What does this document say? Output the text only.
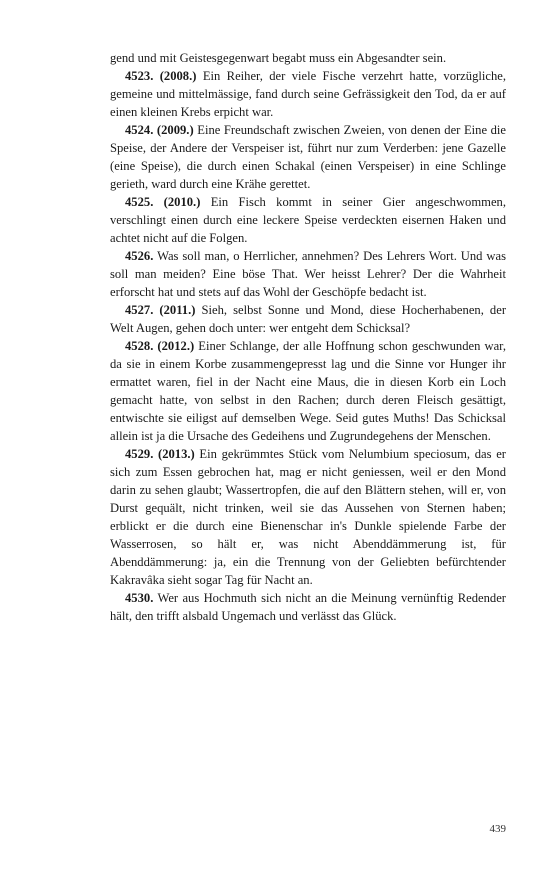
gend und mit Geistesgegenwart begabt muss ein Abgesandter sein.

4523. (2008.) Ein Reiher, der viele Fische verzehrt hatte, vorzügliche, gemeine und mittelmässige, fand durch seine Gefrässigkeit den Tod, da er auf einen kleinen Krebs erpicht war.

4524. (2009.) Eine Freundschaft zwischen Zweien, von denen der Eine die Speise, der Andere der Verspeiser ist, führt nur zum Verderben: jene Gazelle (eine Speise), die durch einen Schakal (einen Verspeiser) in eine Schlinge gerieth, ward durch eine Krähe gerettet.

4525. (2010.) Ein Fisch kommt in seiner Gier angeschwommen, verschlingt einen durch eine leckere Speise verdeckten eisernen Haken und achtet nicht auf die Folgen.

4526. Was soll man, o Herrlicher, annehmen? Des Lehrers Wort. Und was soll man meiden? Eine böse That. Wer heisst Lehrer? Der die Wahrheit erforscht hat und stets auf das Wohl der Geschöpfe bedacht ist.

4527. (2011.) Sieh, selbst Sonne und Mond, diese Hocherhabenen, der Welt Augen, gehen doch unter: wer entgeht dem Schicksal?

4528. (2012.) Einer Schlange, der alle Hoffnung schon geschwunden war, da sie in einem Korbe zusammengepresst lag und die Sinne vor Hunger ihr ermattet waren, fiel in der Nacht eine Maus, die in diesen Korb ein Loch gemacht hatte, von selbst in den Rachen; durch deren Fleisch gesättigt, entwischte sie eiligst auf demselben Wege. Seid gutes Muths! Das Schicksal allein ist ja die Ursache des Gedeihens und Zugrundegehens der Menschen.

4529. (2013.) Ein gekrümmtes Stück vom Nelumbium speciosum, das er sich zum Essen gebrochen hat, mag er nicht geniessen, weil er den Mond darin zu sehen glaubt; Wassertropfen, die auf den Blättern stehen, will er, von Durst gequält, nicht trinken, weil sie das Aussehen von Sternen haben; erblickt er die durch eine Bienenschar in's Dunkle spielende Farbe der Wasserrosen, so hält er, was nicht Abenddämmerung ist, für Abenddämmerung: ja, ein die Trennung von der Geliebten befürchtender Kakravâka sieht sogar Tag für Nacht an.

4530. Wer aus Hochmuth sich nicht an die Meinung vernünftig Redender hält, den trifft alsbald Ungemach und verlässt das Glück.

439
